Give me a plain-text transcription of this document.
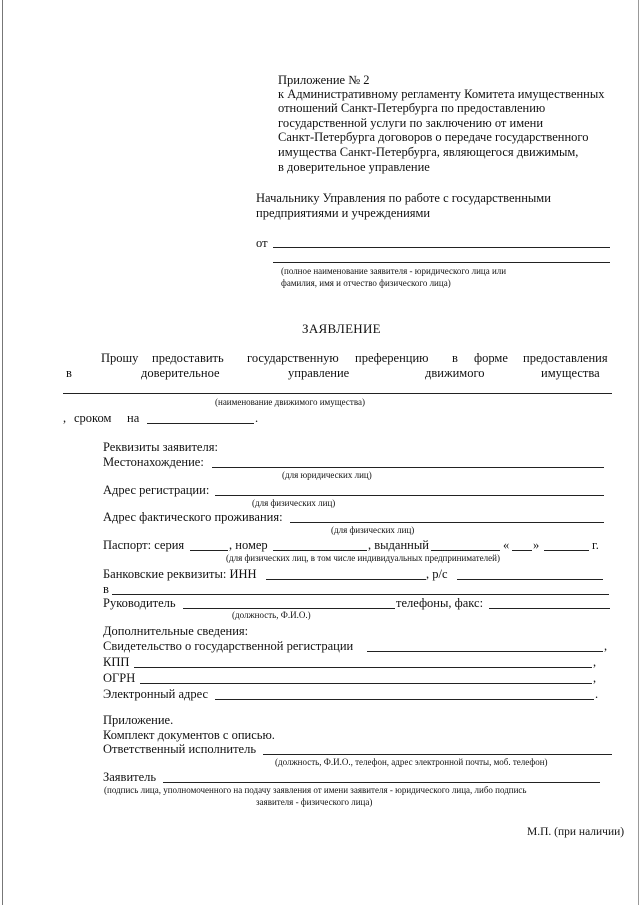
Приложение № 2
к Административному регламенту Комитета имущественных
отношений Санкт-Петербурга по предоставлению
государственной услуги по заключению от имени
Санкт-Петербурга договоров о передаче государственного
имущества Санкт-Петербурга, являющегося движимым,
в доверительное управление
Начальнику Управления по работе с государственными
предприятиями и учреждениями
от
(полное наименование заявителя - юридического лица или
фамилия, имя и отчество физического лица)
ЗАЯВЛЕНИЕ
Прошу предоставить государственную преференцию в форме предоставления
в	доверительное	управление	движимого	имущества
(наименование движимого имущества)
, сроком на	.
Реквизиты заявителя:
Местонахождение:
(для юридических лиц)
Адрес регистрации:
(для физических лиц)
Адрес фактического проживания:
(для физических лиц)
Паспорт: серия	, номер	, выданный	« »	г.
(для физических лиц, в том числе индивидуальных предпринимателей)
Банковские реквизиты: ИНН	, р/с
в
Руководитель	телефоны, факс:
(должность, Ф.И.О.)
Дополнительные сведения:
Свидетельство о государственной регистрации	,
КПП	,
ОГРН	,
Электронный адрес	.
Приложение.
Комплект документов с описью.
Ответственный исполнитель
(должность, Ф.И.О., телефон, адрес электронной почты, моб. телефон)
Заявитель
(подпись лица, уполномоченного на подачу заявления от имени заявителя - юридического лица, либо подпись
заявителя - физического лица)
М.П. (при наличии)
